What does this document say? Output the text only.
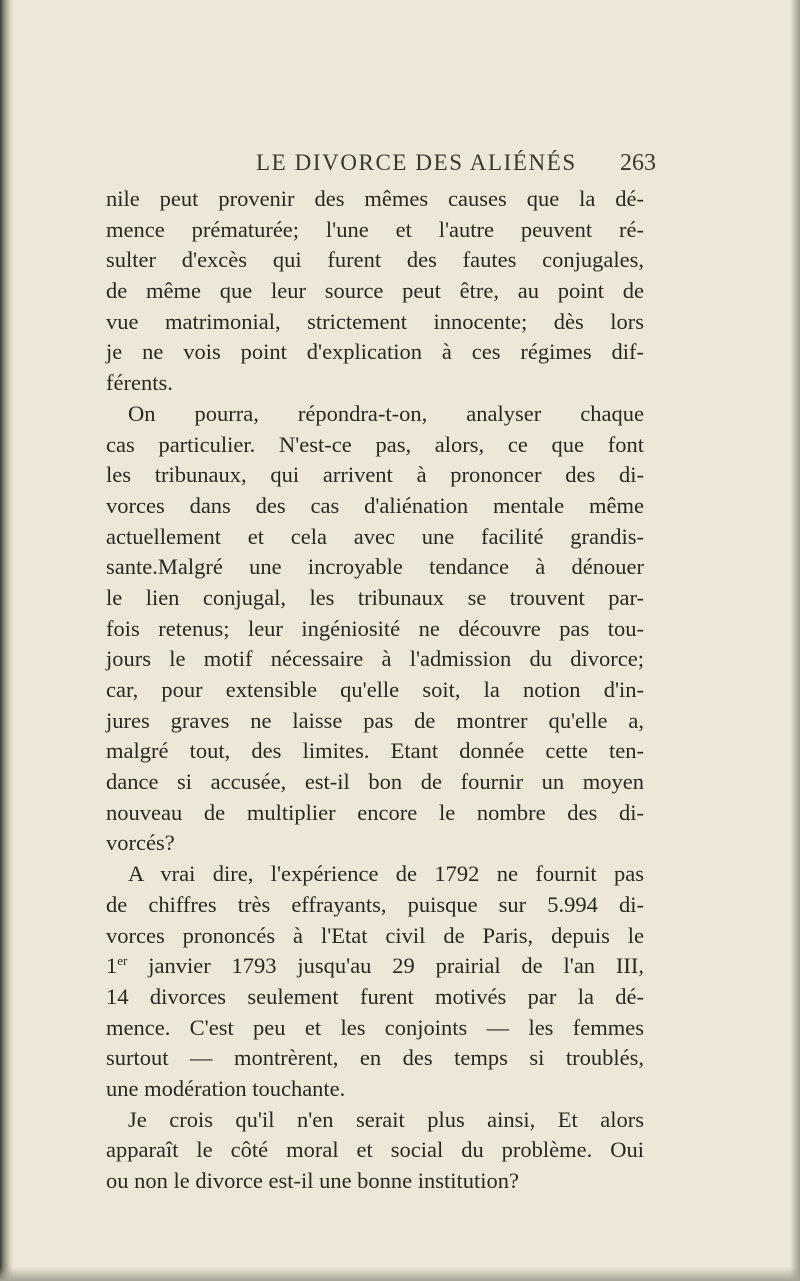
LE DIVORCE DES ALIÉNÉS 263
nile peut provenir des mêmes causes que la dé-
mence prématurée; l'une et l'autre peuvent ré-
sulter d'excès qui furent des fautes conjugales,
de même que leur source peut être, au point de
vue matrimonial, strictement innocente; dès lors
je ne vois point d'explication à ces régimes dif-
férents.
On pourra, répondra-t-on, analyser chaque
cas particulier. N'est-ce pas, alors, ce que font
les tribunaux, qui arrivent à prononcer des di-
vorces dans des cas d'aliénation mentale même
actuellement et cela avec une facilité grandis-
sante.Malgré une incroyable tendance à dénouer
le lien conjugal, les tribunaux se trouvent par-
fois retenus; leur ingéniosité ne découvre pas tou-
jours le motif nécessaire à l'admission du divorce;
car, pour extensible qu'elle soit, la notion d'in-
jures graves ne laisse pas de montrer qu'elle a,
malgré tout, des limites. Etant donnée cette ten-
dance si accusée, est-il bon de fournir un moyen
nouveau de multiplier encore le nombre des di-
vorcés?
A vrai dire, l'expérience de 1792 ne fournit pas
de chiffres très effrayants, puisque sur 5.994 di-
vorces prononcés à l'Etat civil de Paris, depuis le
1er janvier 1793 jusqu'au 29 prairial de l'an III,
14 divorces seulement furent motivés par la dé-
mence. C'est peu et les conjoints — les femmes
surtout — montrèrent, en des temps si troublés,
une modération touchante.
Je crois qu'il n'en serait plus ainsi, Et alors
apparaît le côté moral et social du problème. Oui
ou non le divorce est-il une bonne institution?
